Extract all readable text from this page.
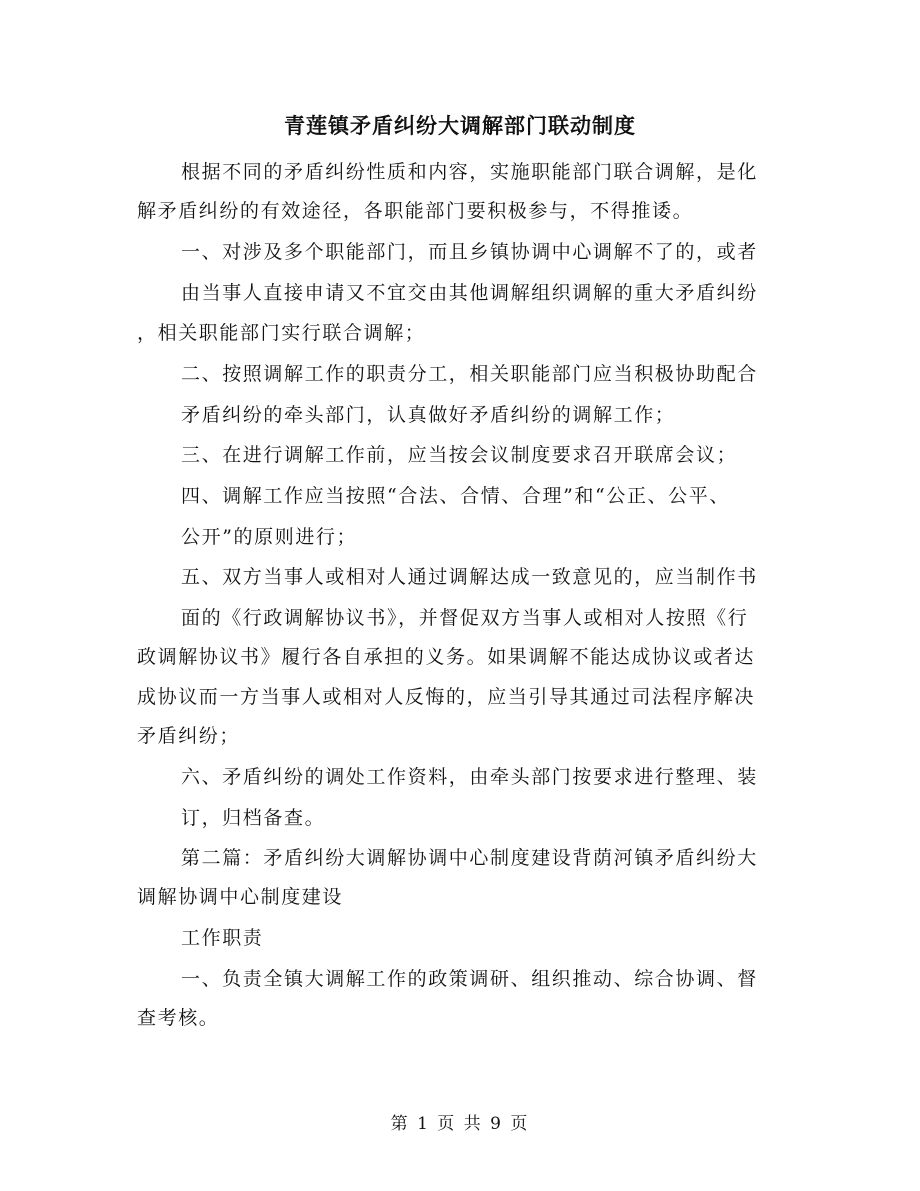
青莲镇矛盾纠纷大调解部门联动制度
根据不同的矛盾纠纷性质和内容，实施职能部门联合调解，是化
解矛盾纠纷的有效途径，各职能部门要积极参与，不得推诿。
一、对涉及多个职能部门，而且乡镇协调中心调解不了的，或者
由当事人直接申请又不宜交由其他调解组织调解的重大矛盾纠纷
，相关职能部门实行联合调解；
二、按照调解工作的职责分工，相关职能部门应当积极协助配合
矛盾纠纷的牵头部门，认真做好矛盾纠纷的调解工作；
三、在进行调解工作前，应当按会议制度要求召开联席会议；
四、调解工作应当按照“合法、合情、合理”和“公正、公平、
公开”的原则进行；
五、双方当事人或相对人通过调解达成一致意见的，应当制作书
面的《行政调解协议书》，并督促双方当事人或相对人按照《行
政调解协议书》履行各自承担的义务。如果调解不能达成协议或者达
成协议而一方当事人或相对人反悔的，应当引导其通过司法程序解决
矛盾纠纷；
六、矛盾纠纷的调处工作资料，由牵头部门按要求进行整理、装
订，归档备查。
第二篇：矛盾纠纷大调解协调中心制度建设背荫河镇矛盾纠纷大
调解协调中心制度建设
工作职责
一、负责全镇大调解工作的政策调研、组织推动、综合协调、督
查考核。
第 1 页 共 9 页
